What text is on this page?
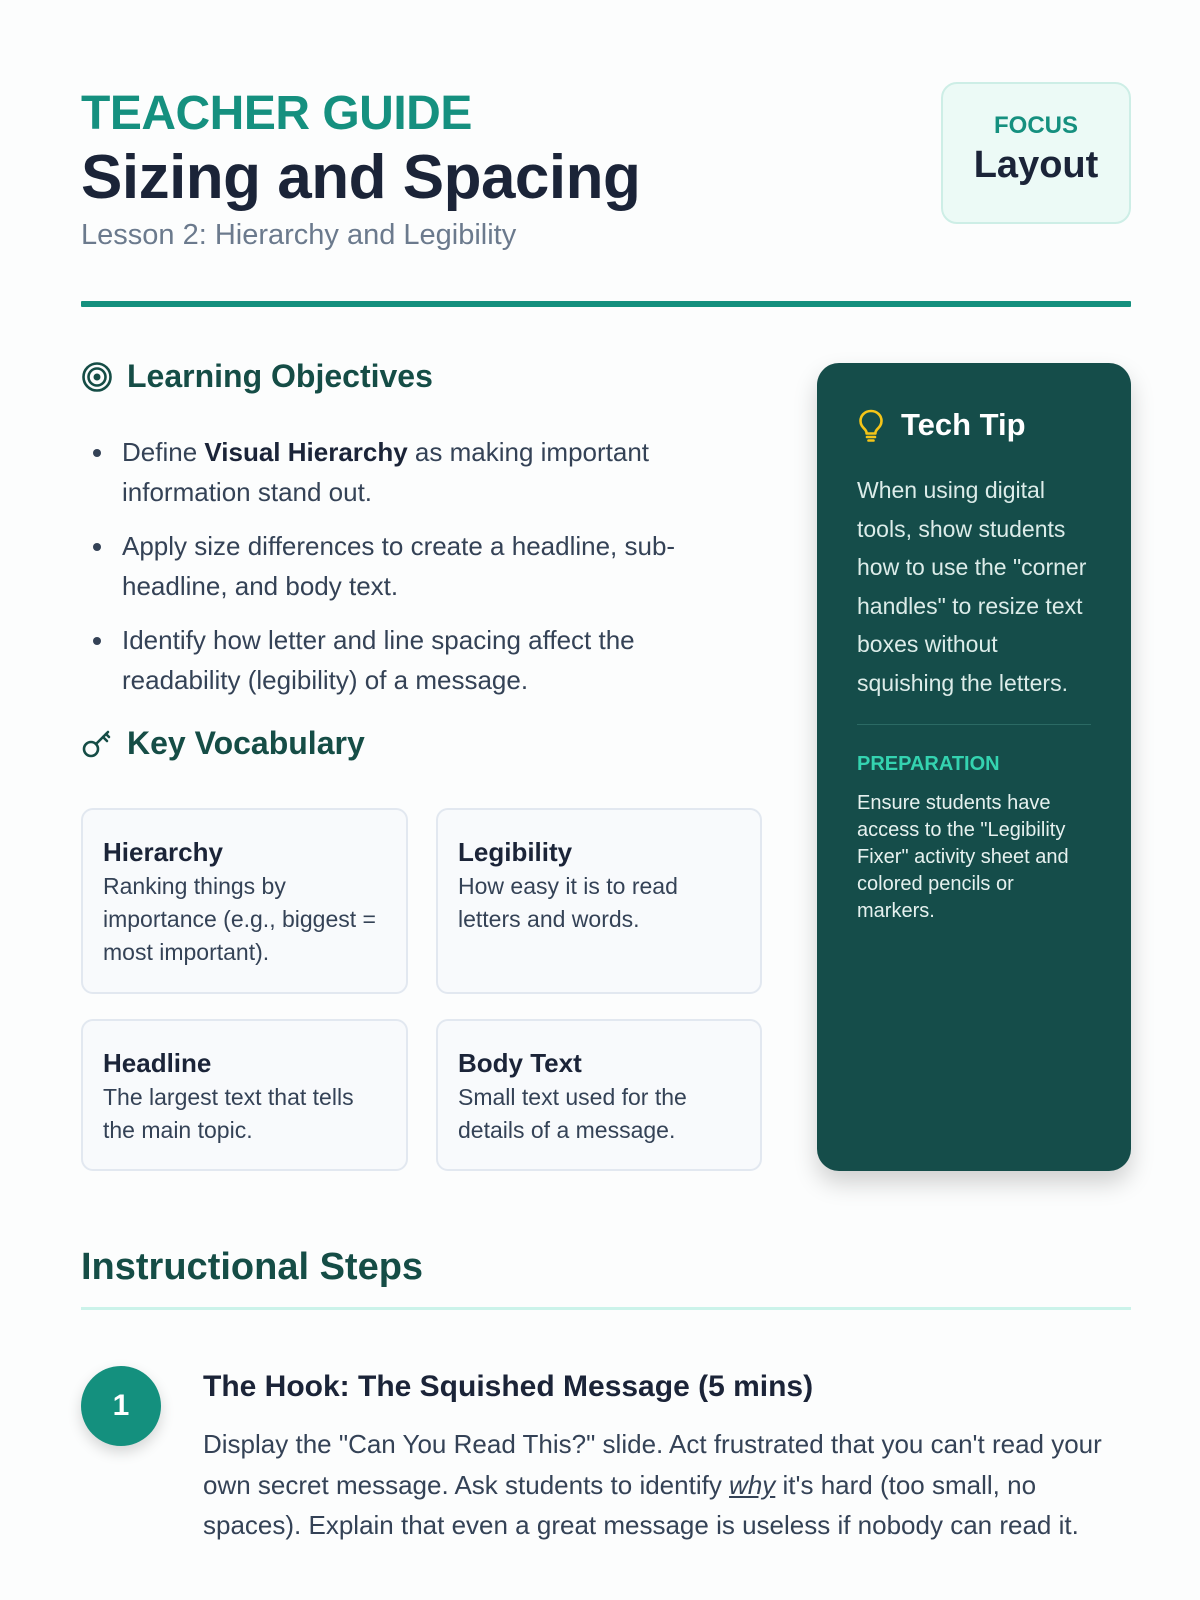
TEACHER GUIDE
Sizing and Spacing
Lesson 2: Hierarchy and Legibility
FOCUS
Layout
Learning Objectives
Define Visual Hierarchy as making important information stand out.
Apply size differences to create a headline, sub-headline, and body text.
Identify how letter and line spacing affect the readability (legibility) of a message.
Key Vocabulary
Hierarchy
Ranking things by importance (e.g., biggest = most important).
Legibility
How easy it is to read letters and words.
Headline
The largest text that tells the main topic.
Body Text
Small text used for the details of a message.
Tech Tip
When using digital tools, show students how to use the "corner handles" to resize text boxes without squishing the letters.
PREPARATION
Ensure students have access to the "Legibility Fixer" activity sheet and colored pencils or markers.
Instructional Steps
1
The Hook: The Squished Message (5 mins)
Display the "Can You Read This?" slide. Act frustrated that you can't read your own secret message. Ask students to identify why it's hard (too small, no spaces). Explain that even a great message is useless if nobody can read it.
